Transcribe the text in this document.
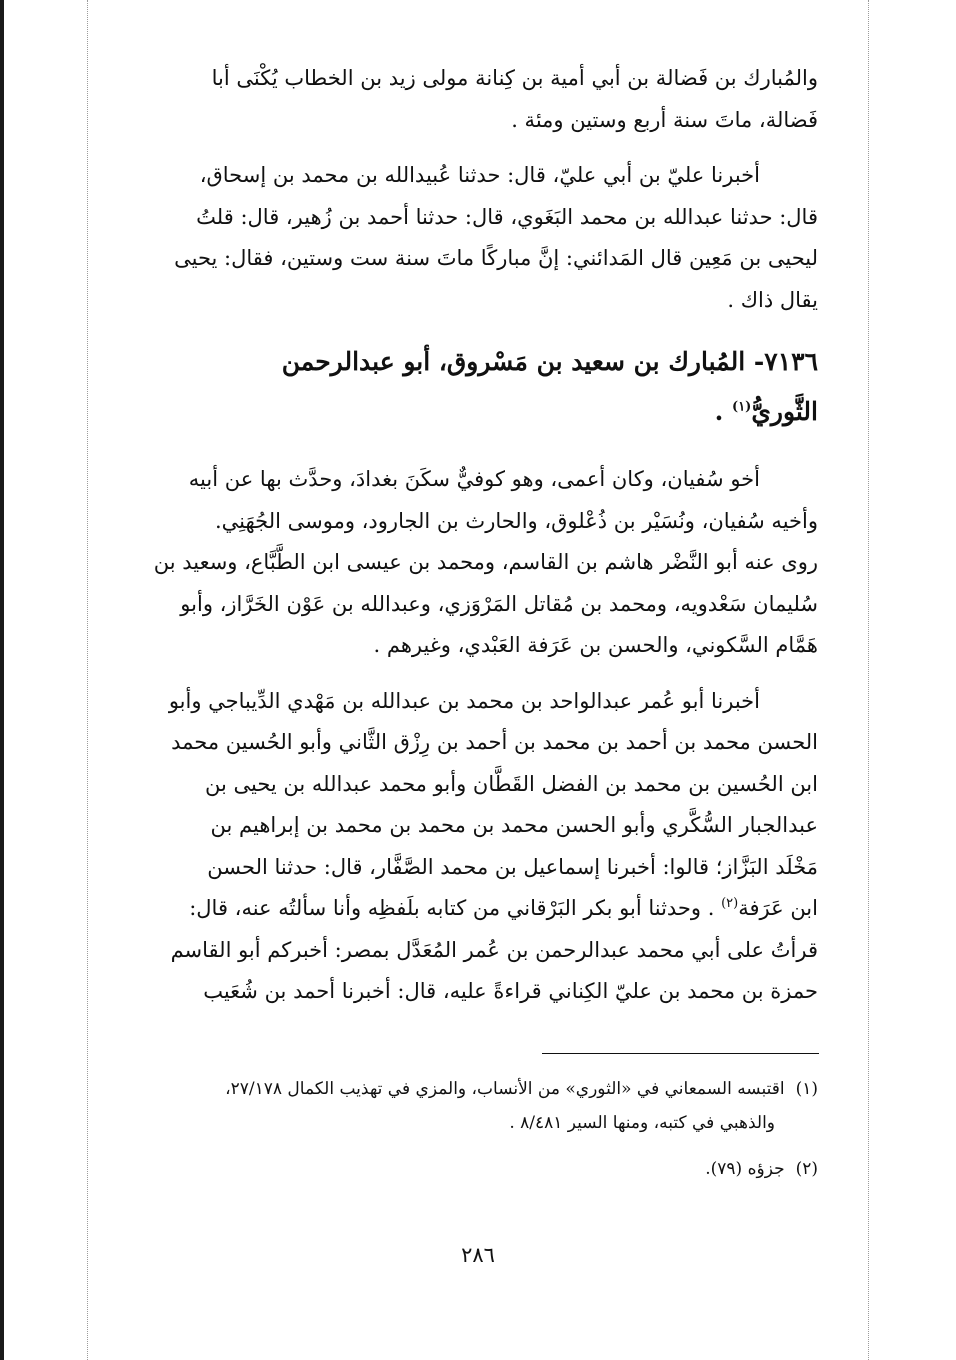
والمُبارك بن فَضالة بن أبي أمية بن كِنانة مولى زيد بن الخطاب يُكْنَى أبا

فَضالة، ماتَ سنة أربع وستين ومئة .

أخبرنا عليّ بن أبي عليّ، قال: حدثنا عُبيدالله بن محمد بن إسحاق،

قال: حدثنا عبدالله بن محمد البَغَوي، قال: حدثنا أحمد بن زُهير، قال: قلتُ

ليحيى بن مَعِين قال المَدائني: إنَّ مباركًا ماتَ سنة ست وستين، فقال: يحيى

يقال ذاك .

٧١٣٦- المُبارك بن سعيد بن مَسْروق، أبو عبدالرحمن
الثَّوريُّ$^{(١)}$ .

أخو سُفيان، وكان أعمى، وهو كوفيٌّ سكَنَ بغدادَ، وحدَّث بها عن أبيه

وأخيه سُفيان، ونُسَيْر بن ذُعْلوق، والحارث بن الجارود، وموسى الجُهَنِي.

روى عنه أبو النَّضْر هاشم بن القاسم، ومحمد بن عيسى ابن الطَّبَّاع، وسعيد بن

سُليمان سَعْدويه، ومحمد بن مُقاتل المَرْوَزي، وعبدالله بن عَوْن الخَرَّاز، وأبو

هَمَّام السَّكوني، والحسن بن عَرَفة العَبْدي، وغيرهم .

أخبرنا أبو عُمر عبدالواحد بن محمد بن عبدالله بن مَهْدي الدِّيباجي وأبو

الحسن محمد بن أحمد بن محمد بن أحمد بن رِزْق الثَّاني وأبو الحُسين محمد

ابن الحُسين بن محمد بن الفضل القَطَّان وأبو محمد عبدالله بن يحيى بن

عبدالجبار السُّكَّري وأبو الحسن محمد بن محمد بن محمد بن إبراهيم بن

مَخْلَد البَزَّاز؛ قالوا: أخبرنا إسماعيل بن محمد الصَّفَّار، قال: حدثنا الحسن

ابن عَرَفة$^{(٢)}$ . وحدثنا أبو بكر البَرْقاني من كتابه بلَفظِه وأنا سألتُه عنه، قال:

قرأتُ على أبي محمد عبدالرحمن بن عُمر المُعَدَّل بمصر: أخبركم أبو القاسم

حمزة بن محمد بن عليّ الكِناني قراءةً عليه، قال: أخبرنا أحمد بن شُعَيب

(١) اقتبسه السمعاني في «الثوري» من الأنساب، والمزي في تهذيب الكمال ٢٧/١٧٨،
والذهبي في كتبه، ومنها السير ٨/٤٨١ .
(٢) جزؤه (٧٩).
٢٨٦
